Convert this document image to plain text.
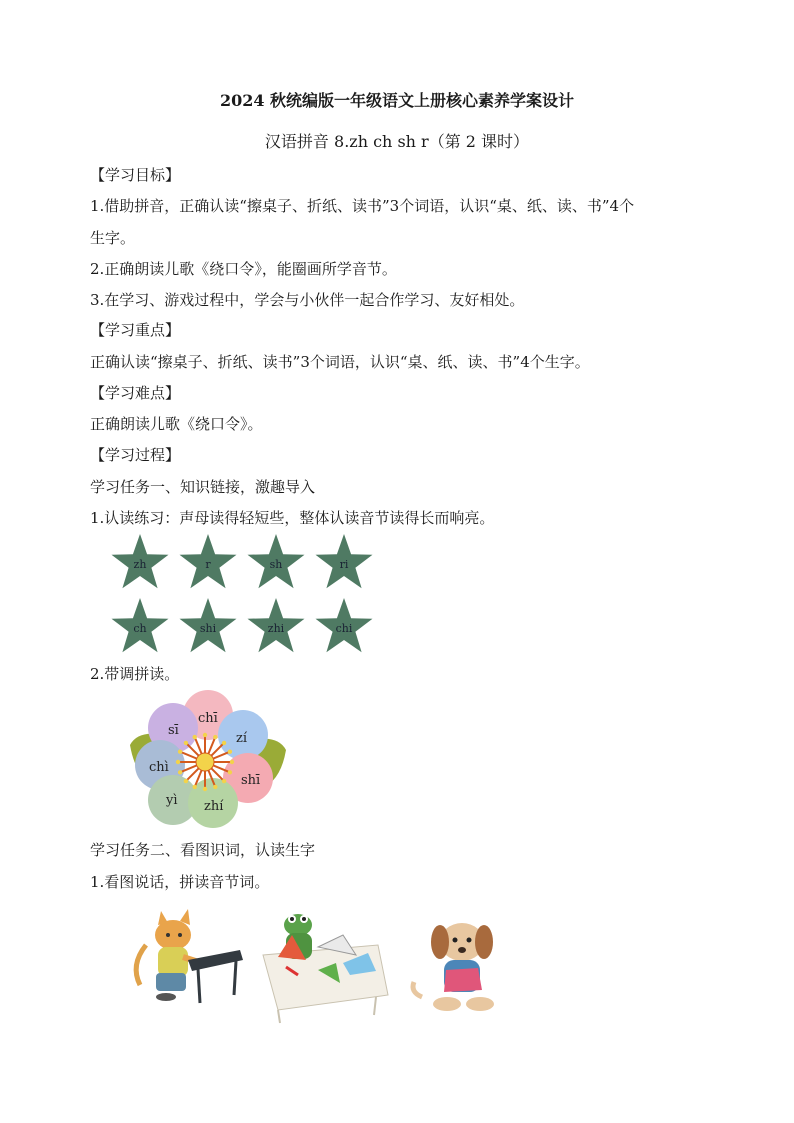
2024 秋统编版一年级语文上册核心素养学案设计
汉语拼音 8.zh ch sh r（第 2 课时）
【学习目标】
1.借助拼音，正确认读“擦桌子、折纸、读书”3个词语，认识“桌、纸、读、书”4个
生字。
2.正确朗读儿歌《绕口令》，能圈画所学音节。
3.在学习、游戏过程中，学会与小伙伴一起合作学习、友好相处。
【学习重点】
正确认读“擦桌子、折纸、读书”3个词语，认识“桌、纸、读、书”4个生字。
【学习难点】
正确朗读儿歌《绕口令》。
【学习过程】
学习任务一、知识链接，激趣导入
1.认读练习：声母读得轻短些，整体认读音节读得长而响亮。
zh	r	sh	ri
ch	shi	zhi	chi
2.带调拼读。
chī
sī
zí
chì
shī
yì zhí
学习任务二、看图识词，认读生字
1.看图说话，拼读音节词。
